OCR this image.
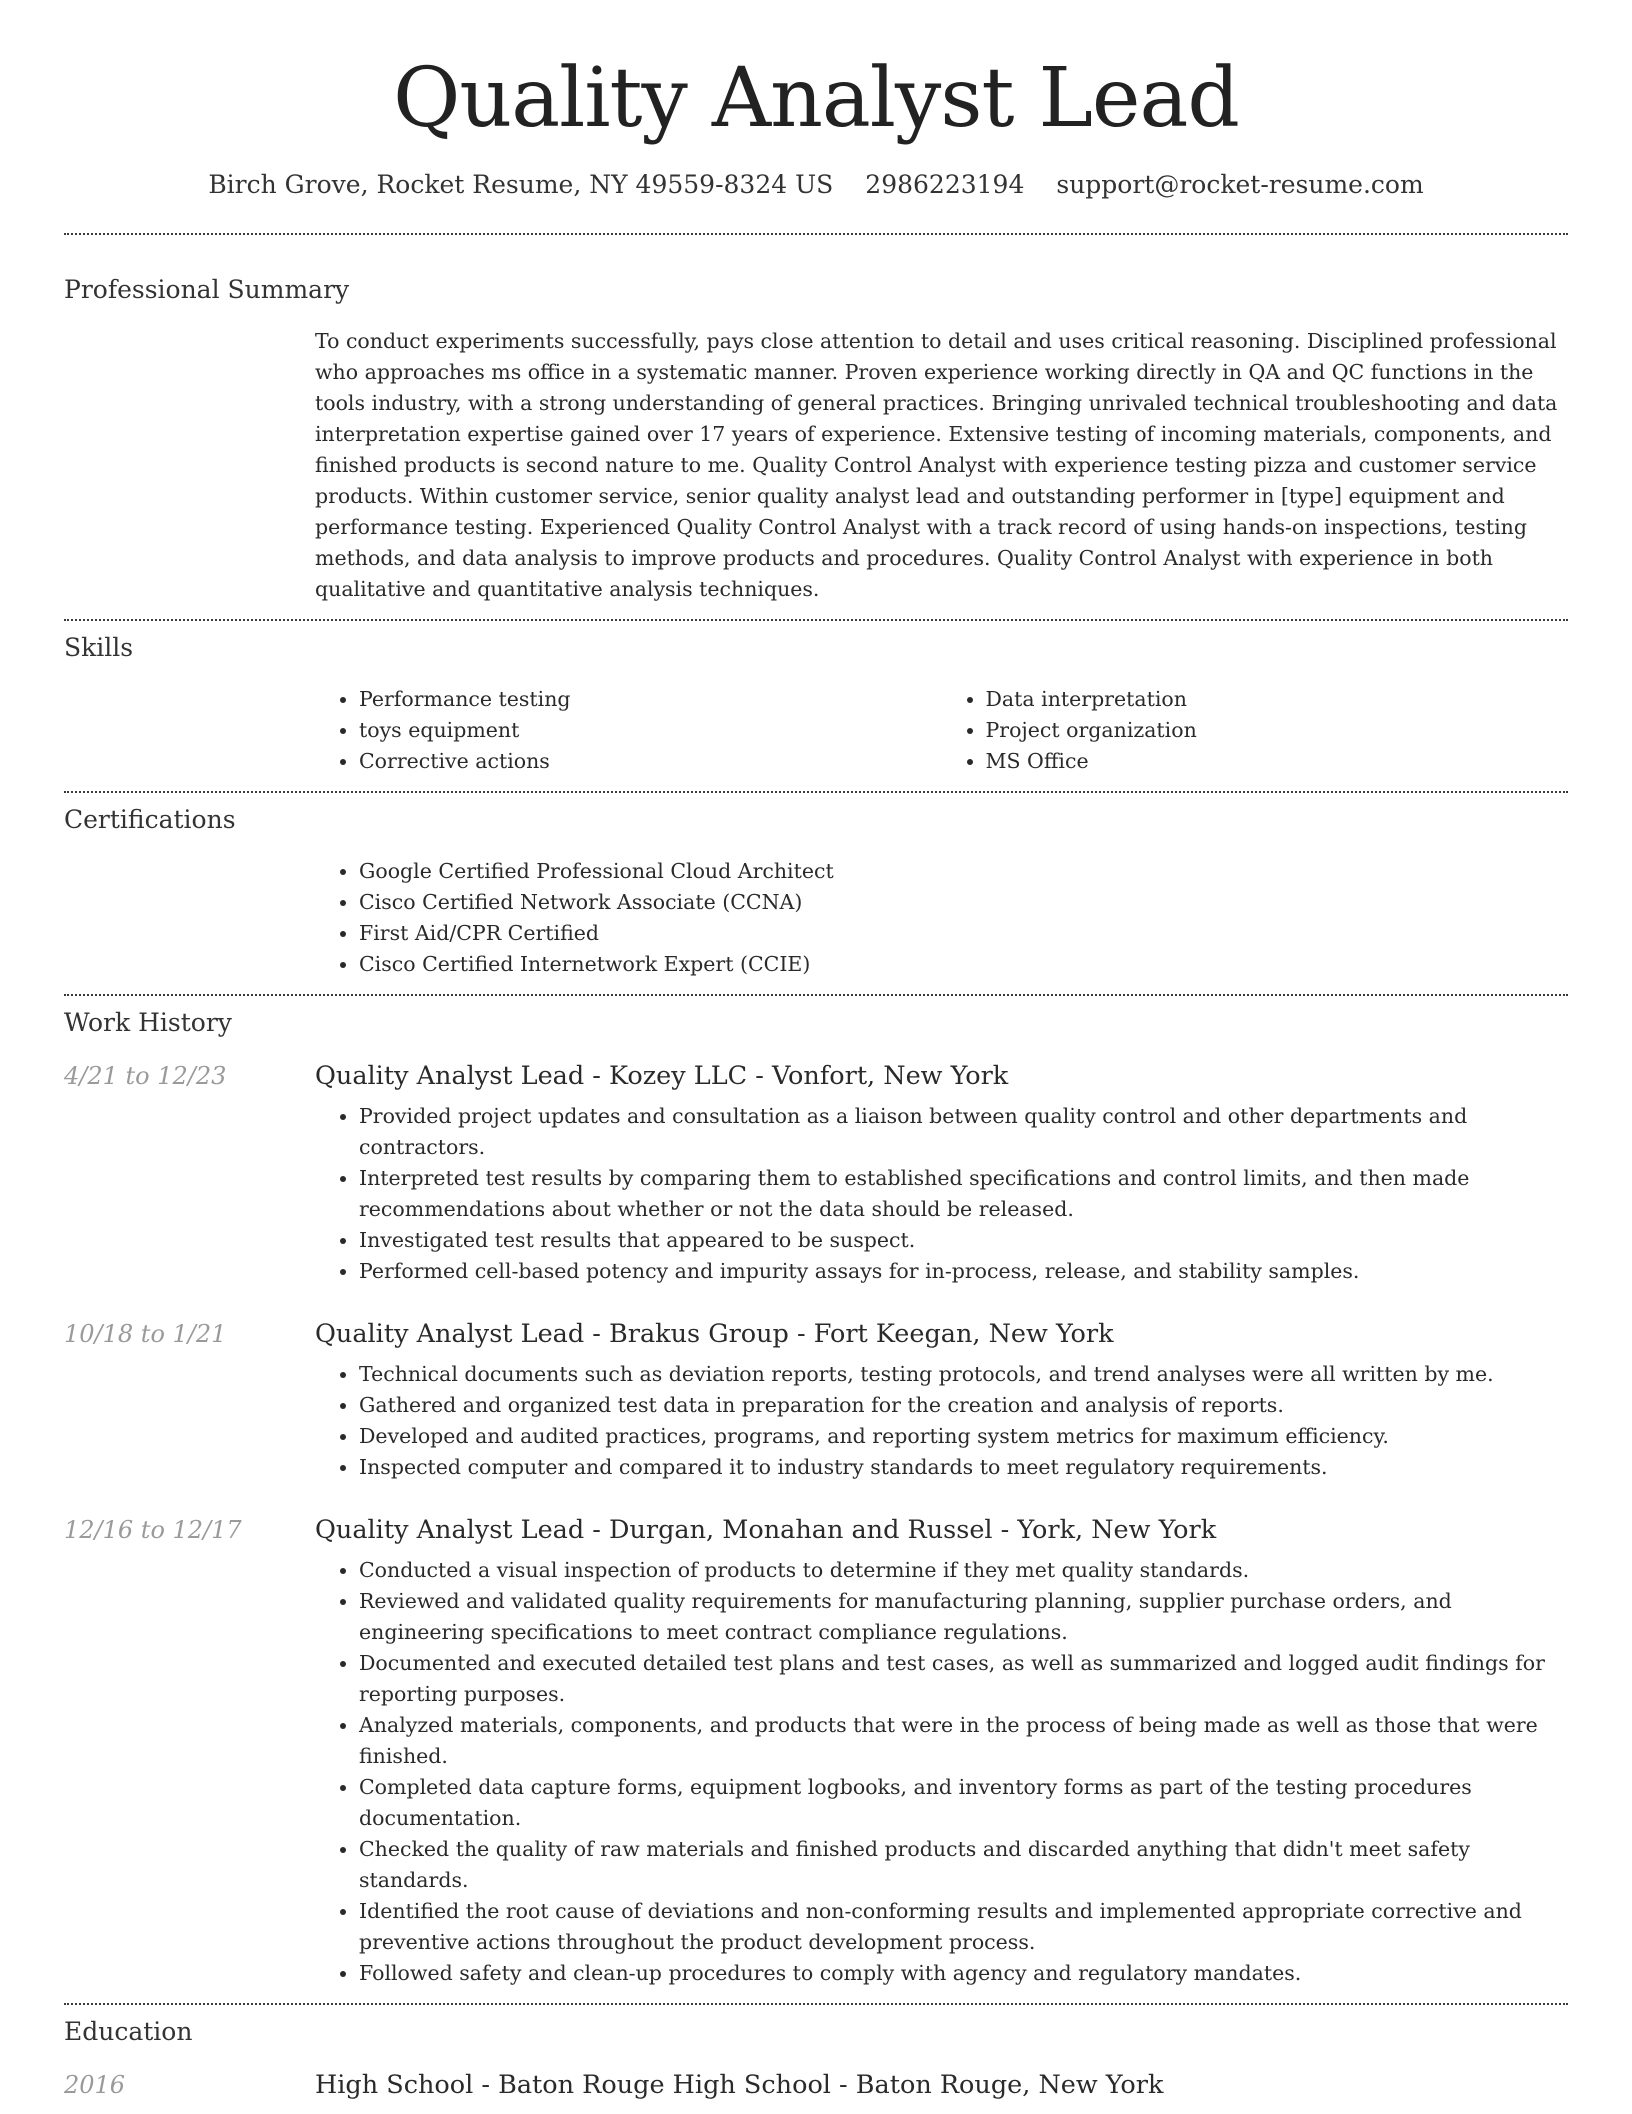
Quality Analyst Lead
Birch Grove, Rocket Resume, NY 49559-8324 US 2986223194 support@rocket-resume.com
Professional Summary

To conduct experiments successfully, pays close attention to detail and uses critical reasoning. Disciplined professional who approaches ms office in a systematic manner. Proven experience working directly in QA and QC functions in the tools industry, with a strong understanding of general practices. Bringing unrivaled technical troubleshooting and data interpretation expertise gained over 17 years of experience. Extensive testing of incoming materials, components, and finished products is second nature to me. Quality Control Analyst with experience testing pizza and customer service products. Within customer service, senior quality analyst lead and outstanding performer in [type] equipment and performance testing. Experienced Quality Control Analyst with a track record of using hands-on inspections, testing methods, and data analysis to improve products and procedures. Quality Control Analyst with experience in both qualitative and quantitative analysis techniques.

Skills
• Performance testing
• toys equipment
• Corrective actions
• Data interpretation
• Project organization
• MS Office
Certifications
• Google Certified Professional Cloud Architect
• Cisco Certified Network Associate (CCNA)
• First Aid/CPR Certified
• Cisco Certified Internetwork Expert (CCIE)
Work History
4/21 to 12/23	Quality Analyst Lead - Kozey LLC - Vonfort, New York
• Provided project updates and consultation as a liaison between quality control and other departments and contractors.
• Interpreted test results by comparing them to established specifications and control limits, and then made recommendations about whether or not the data should be released.
• Investigated test results that appeared to be suspect.
• Performed cell-based potency and impurity assays for in-process, release, and stability samples.
10/18 to 1/21	Quality Analyst Lead - Brakus Group - Fort Keegan, New York
• Technical documents such as deviation reports, testing protocols, and trend analyses were all written by me.
• Gathered and organized test data in preparation for the creation and analysis of reports.
• Developed and audited practices, programs, and reporting system metrics for maximum efficiency.
• Inspected computer and compared it to industry standards to meet regulatory requirements.
12/16 to 12/17	Quality Analyst Lead - Durgan, Monahan and Russel - York, New York
• Conducted a visual inspection of products to determine if they met quality standards.
• Reviewed and validated quality requirements for manufacturing planning, supplier purchase orders, and engineering specifications to meet contract compliance regulations.
• Documented and executed detailed test plans and test cases, as well as summarized and logged audit findings for reporting purposes.
• Analyzed materials, components, and products that were in the process of being made as well as those that were finished.
• Completed data capture forms, equipment logbooks, and inventory forms as part of the testing procedures documentation.
• Checked the quality of raw materials and finished products and discarded anything that didn't meet safety standards.
• Identified the root cause of deviations and non-conforming results and implemented appropriate corrective and preventive actions throughout the product development process.
• Followed safety and clean-up procedures to comply with agency and regulatory mandates.
Education
2016	High School - Baton Rouge High School - Baton Rouge, New York
